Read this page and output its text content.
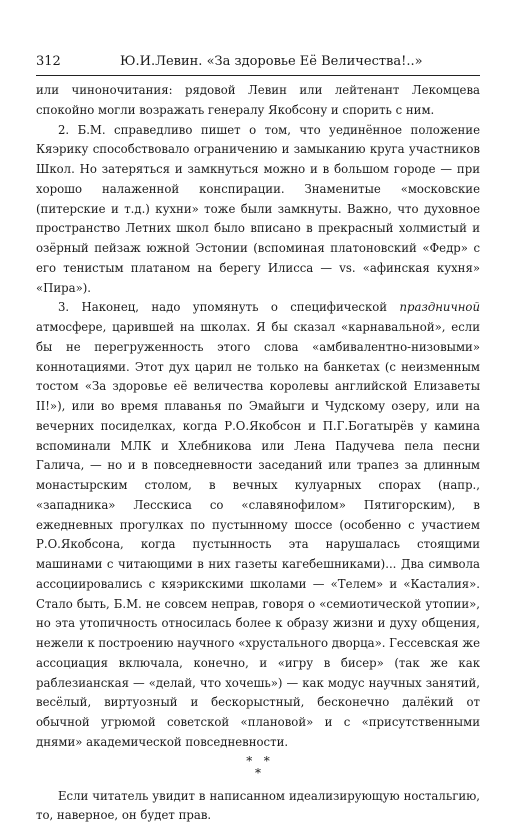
312	Ю.И.Левин. «За здоровье Её Величества!..»

или чиноночитания: рядовой Левин или лейтенант Лекомцева спокойно могли возражать генералу Якобсону и спорить с ним.

2. Б.М. справедливо пишет о том, что уединённое положение Кяэрику способствовало ограничению и замыканию круга участников Школ. Но затеряться и замкнуться можно и в большом городе — при хорошо налаженной конспирации. Знаменитые «московские (питерские и т.д.) кухни» тоже были замкнуты. Важно, что духовное пространство Летних школ было вписано в прекрасный холмистый и озёрный пейзаж южной Эстонии (вспоминая платоновский «Федр» с его тенистым платаном на берегу Илисса — vs. «афинская кухня» «Пира»).

3. Наконец, надо упомянуть о специфической праздничной атмосфере, царившей на школах. Я бы сказал «карнавальной», если бы не перегруженность этого слова «амбивалентно-низовыми» коннотациями. Этот дух царил не только на банкетах (с неизменным тостом «За здоровье её величества королевы английской Елизаветы II!»), или во время плаванья по Эмайыги и Чудскому озеру, или на вечерних посиделках, когда Р.О.Якобсон и П.Г.Богатырёв у камина вспоминали МЛК и Хлебникова или Лена Падучева пела песни Галича, — но и в повседневности заседаний или трапез за длинным монастырским столом, в вечных кулуарных спорах (напр., «западника» Лесскиса со «славянофилом» Пятигорским), в ежедневных прогулках по пустынному шоссе (особенно с участием Р.О.Якобсона, когда пустынность эта нарушалась стоящими машинами с читающими в них газеты кагебешниками)... Два символа ассоциировались с кяэрикскими школами — «Телем» и «Касталия». Стало быть, Б.М. не совсем неправ, говоря о «семиотической утопии», но эта утопичность относилась более к образу жизни и духу общения, нежели к построению научного «хрустального дворца». Гессевская же ассоциация включала, конечно, и «игру в бисер» (так же как раблезианская — «делай, что хочешь») — как модус научных занятий, весёлый, виртуозный и бескорыстный, бесконечно далёкий от обычной угрюмой советской «плановой» и с «присутственными днями» академической повседневности.

*   *
*

Если читатель увидит в написанном идеализирующую ностальгию, то, наверное, он будет прав.
